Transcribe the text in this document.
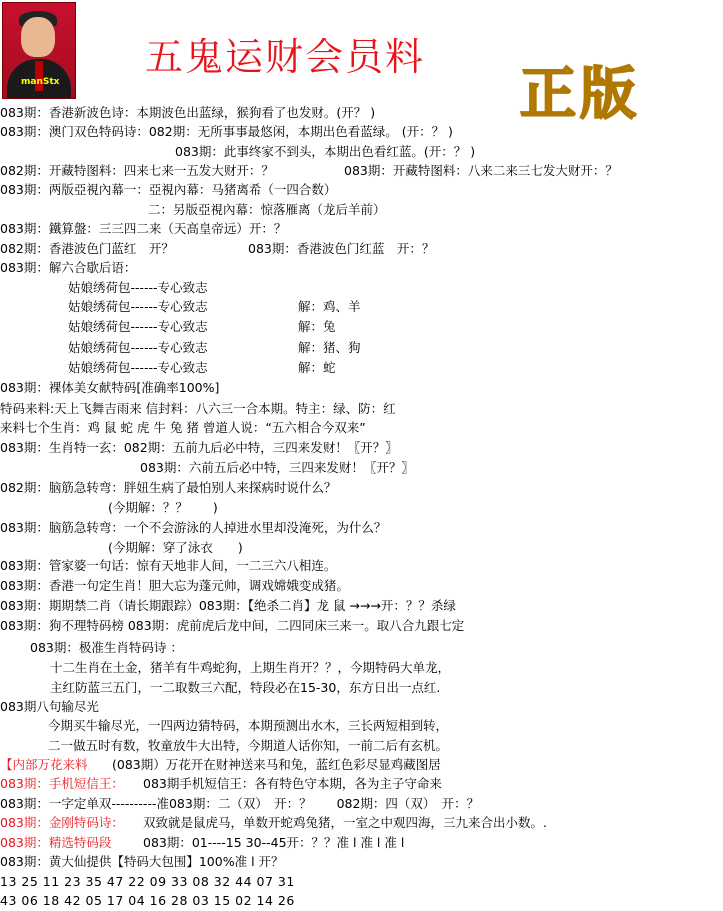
manStx
五鬼运财会员料
正版
083期：香港新波色诗：本期波色出蓝绿，猴狗看了也发财。(开？ )
083期：澳门双色特码诗：082期：无所事事最悠闲，本期出色看蓝绿。 (开：？ )
083期：此事终家不到头，本期出色看红蓝。(开：？ )
082期：开藏特图料：四来七来一五发大财开：？	083期：开藏特图料：八来二来三七发大财开：？
083期：两版亞視內幕一：亞視內幕：马猪离希（一四合数）
二：另版亞視內幕：惊落雁离（龙后羊前）
083期：鐵算盤：三三四二来（天高皇帝远）开：？
082期：香港波色门蓝红　开？	083期：香港波色门红蓝　开：？
083期：解六合歇后语：
姑娘绣荷包------专心致志
姑娘绣荷包------专心致志	解：鸡、羊
姑娘绣荷包------专心致志	解：兔
姑娘绣荷包------专心致志	解：猪、狗
姑娘绣荷包------专心致志	解：蛇
083期：裸体美女献特码[准确率100%]
特码来料:天上飞舞吉雨来 信封料：八六三一合本期。特主：绿、防：红
来料七个生肖：鸡 鼠 蛇 虎 牛 兔 猪 曾道人说：“五六相合今双来”
083期：生肖特一玄：082期：五前九后必中特，三四来发财！〖开？〗
083期：六前五后必中特，三四来发财！〖开？〗
082期：脑筋急转弯：胖妞生病了最怕别人来探病时说什么？
(今期解：？？　　)
083期：脑筋急转弯：一个不会游泳的人掉进水里却没淹死，为什么？
(今期解：穿了泳衣　　)
083期：管家婆一句话：惊有天地非人间，一二三六八相连。
083期：香港一句定生肖！胆大忘为蓬元帅，调戏嫦娥变成猪。
083期：期期禁二肖（请长期跟踪）083期：【绝杀二肖】龙 鼠 →→→开：？？杀绿
083期：狗不理特码榜 083期：虎前虎后龙中间，二四同床三来一。取八合九跟七定
083期：极准生肖特码诗 ：
十二生肖在土金，猪羊有牛鸡蛇狗，上期生肖开？？，今期特码大单龙，
主红防蓝三五门，一二取数三六配，特段必在15-30，东方日出一点红.
083期八句输尽光
今期买牛输尽光，一四两边猜特码，本期预测出水木，三长两短相到转，
二一做五时有数，牧童放牛大出特，今期道人话你知，一前二后有玄机。
【内部万花来料 (083期）万花开在财神送来马和兔，蓝红色彩尽显鸡藏图居
083期：手机短信王： 083期手机短信王：各有特色守本期，各为主子守命来
083期：一字定单双----------准083期：二（双）　开：？　　082期：四（双）　开：？
083期：金刚特码诗： 双致就是鼠虎马，单数开蛇鸡兔猪，一室之中观四海，三九来合出小数。.
083期：精选特码段	083期：01----15 30--45开：？？准 l 准 l 准 l
083期：黄大仙提供【特码大包围】100%准 l 开？
13 25 11 23 35 47 22 09 33 08 32 44 07 31
43 06 18 42 05 17 04 16 28 03 15 02 14 26
